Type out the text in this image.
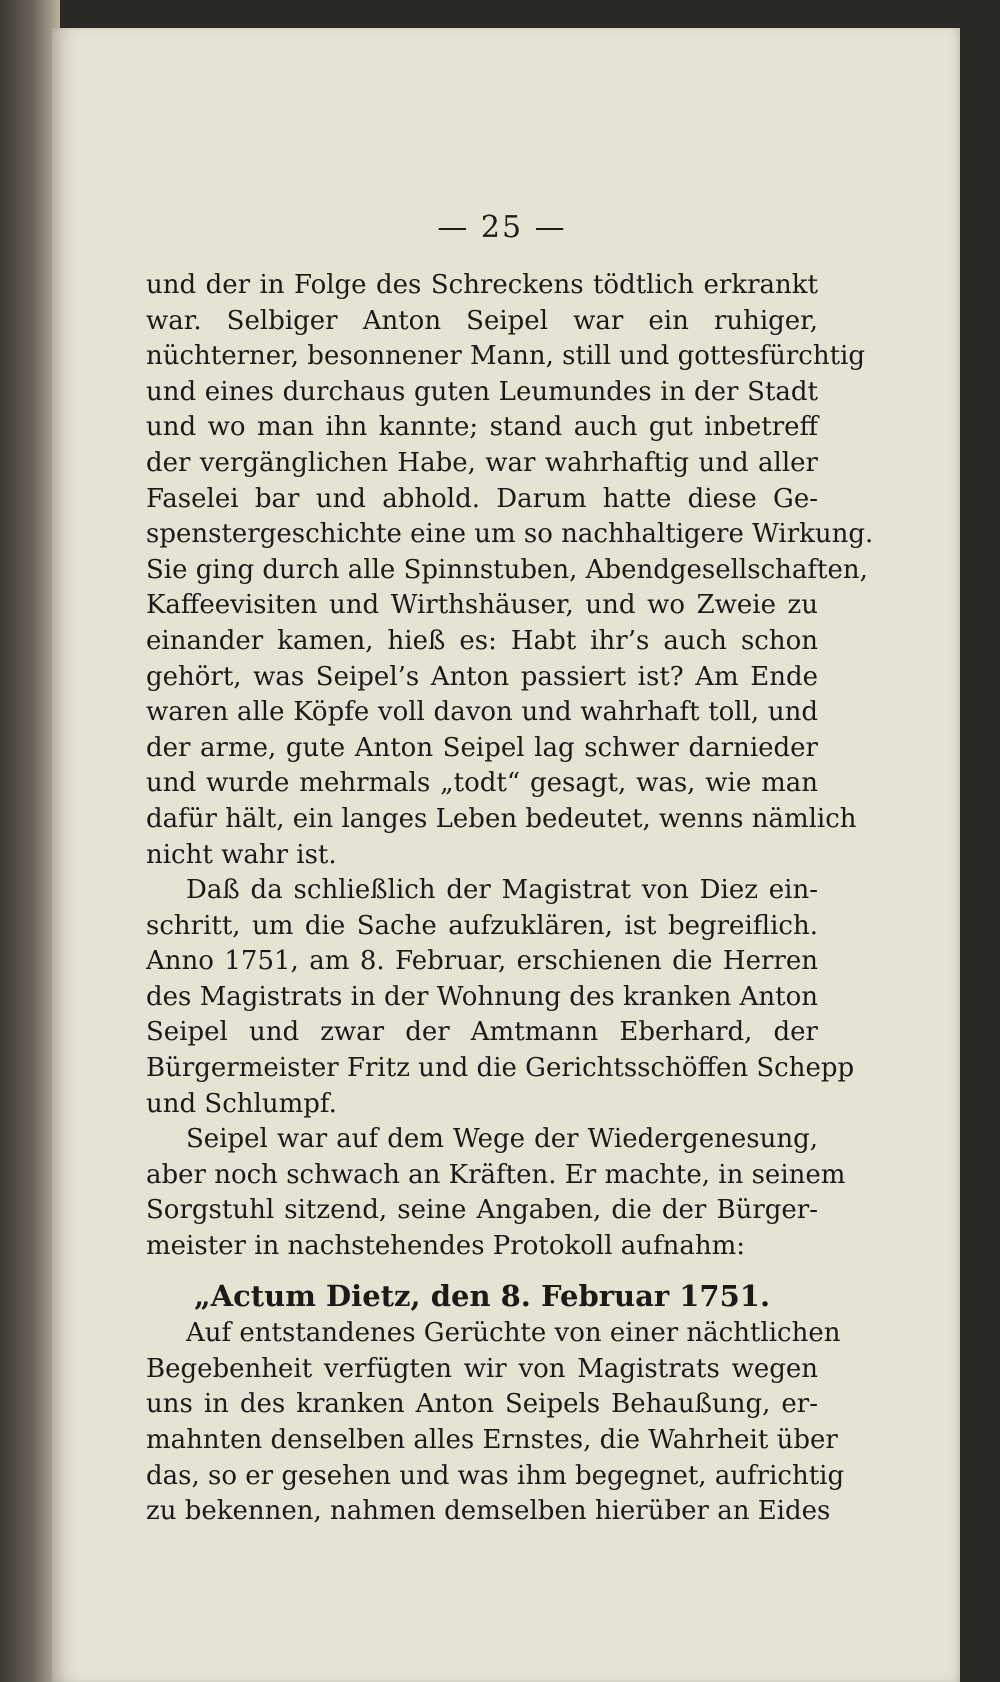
— 25 —
und der in Folge des Schreckens tödtlich erkrankt
war. Selbiger Anton Seipel war ein ruhiger,
nüchterner, besonnener Mann, still und gottesfürchtig
und eines durchaus guten Leumundes in der Stadt
und wo man ihn kannte; stand auch gut inbetreff
der vergänglichen Habe, war wahrhaftig und aller
Faselei bar und abhold. Darum hatte diese Ge-
spenstergeschichte eine um so nachhaltigere Wirkung.
Sie ging durch alle Spinnstuben, Abendgesellschaften,
Kaffeevisiten und Wirthshäuser, und wo Zweie zu
einander kamen, hieß es: Habt ihr’s auch schon
gehört, was Seipel’s Anton passiert ist? Am Ende
waren alle Köpfe voll davon und wahrhaft toll, und
der arme, gute Anton Seipel lag schwer darnieder
und wurde mehrmals „todt“ gesagt, was, wie man
dafür hält, ein langes Leben bedeutet, wenns nämlich
nicht wahr ist.
Daß da schließlich der Magistrat von Diez ein-
schritt, um die Sache aufzuklären, ist begreiflich.
Anno 1751, am 8. Februar, erschienen die Herren
des Magistrats in der Wohnung des kranken Anton
Seipel und zwar der Amtmann Eberhard, der
Bürgermeister Fritz und die Gerichtsschöffen Schepp
und Schlumpf.
Seipel war auf dem Wege der Wiedergenesung,
aber noch schwach an Kräften. Er machte, in seinem
Sorgstuhl sitzend, seine Angaben, die der Bürger-
meister in nachstehendes Protokoll aufnahm:
„Actum Dietz, den 8. Februar 1751.
Auf entstandenes Gerüchte von einer nächtlichen
Begebenheit verfügten wir von Magistrats wegen
uns in des kranken Anton Seipels Behaußung, er-
mahnten denselben alles Ernstes, die Wahrheit über
das, so er gesehen und was ihm begegnet, aufrichtig
zu bekennen, nahmen demselben hierüber an Eides
